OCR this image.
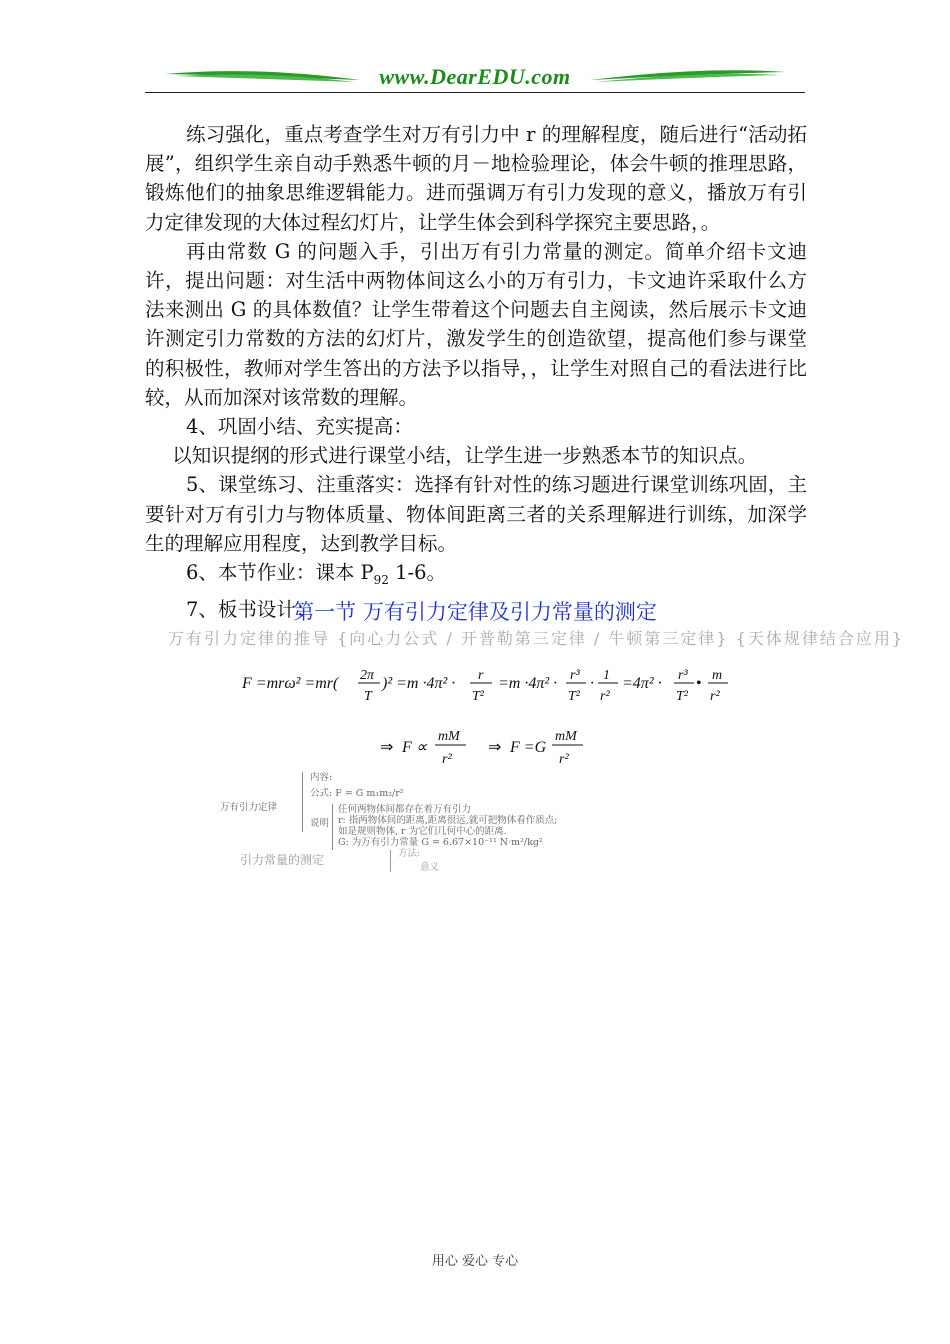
www.DearEDU.com

练习强化，重点考查学生对万有引力中 r 的理解程度，随后进行“活动拓展”，组织学生亲自动手熟悉牛顿的月－地检验理论，体会牛顿的推理思路，锻炼他们的抽象思维逻辑能力。进而强调万有引力发现的意义，播放万有引力定律发现的大体过程幻灯片，让学生体会到科学探究主要思路，。

再由常数 G 的问题入手，引出万有引力常量的测定。简单介绍卡文迪许，提出问题：对生活中两物体间这么小的万有引力，卡文迪许采取什么方法来测出 G 的具体数值？让学生带着这个问题去自主阅读，然后展示卡文迪许测定引力常数的方法的幻灯片，激发学生的创造欲望，提高他们参与课堂的积极性，教师对学生答出的方法予以指导，，让学生对照自己的看法进行比较，从而加深对该常数的理解。

4、巩固小结、充实提高：

以知识提纲的形式进行课堂小结，让学生进一步熟悉本节的知识点。

5、课堂练习、注重落实：选择有针对性的练习题进行课堂训练巩固，主要针对万有引力与物体质量、物体间距离三者的关系理解进行训练，加深学生的理解应用程度，达到教学目标。

6、本节作业：课本 $P_{92}$ 1-6。

7、板书设计：

第一节 万有引力定律及引力常量的测定
万有引力定律的推导 {向心力公式 / 开普勒第三定律 / 牛顿第三定律} {天体规律结合应用}
F =mrω² =mr( 2π
T
)² =m ·4π² · r
T²
=m ·4π² · r³
T²
· 1
r²
=4π² · r³
T²
• m
r²
⇒ F ∝
mM
r²
⇒ F =G
mM
r²
内容:
公式: F = G m₁m₂/r²
万有引力定律
说明
任何两物体间都存在着万有引力
r: 指两物体间的距离,距离很远,就可把物体看作质点;
如是规则物体, r 为它们几何中心的距离.
G: 为万有引力常量 G = 6.67×10⁻¹¹ N·m²/kg²
引力常量的测定	方法:
意义
用心 爱心 专心
